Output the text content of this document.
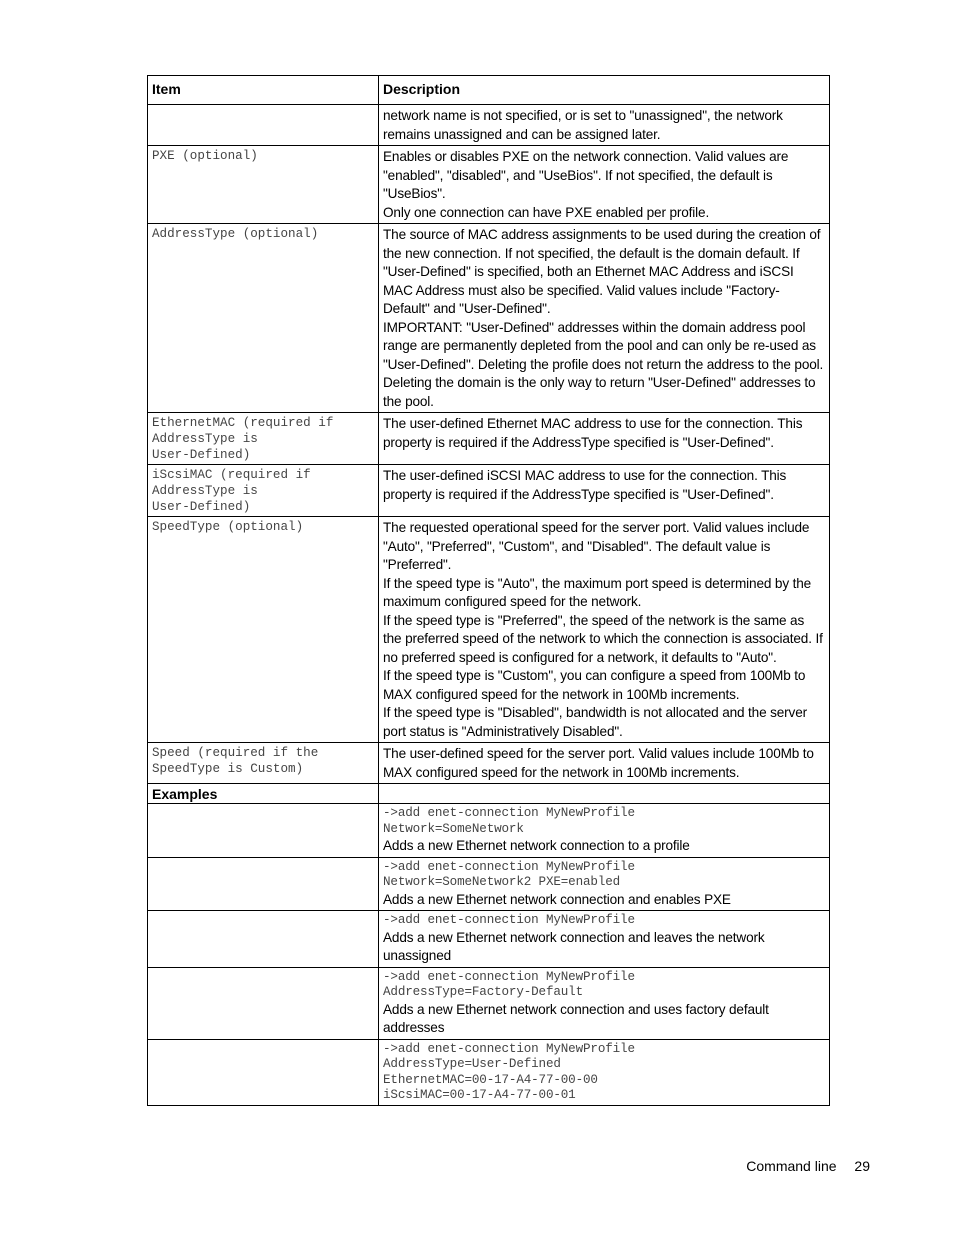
Item	Description

	network name is not specified, or is set to "unassigned", the network remains unassigned and can be assigned later.

PXE (optional)	Enables or disables PXE on the network connection. Valid values are "enabled", "disabled", and "UseBios". If not specified, the default is "UseBios".

Only one connection can have PXE enabled per profile.

AddressType (optional)	The source of MAC address assignments to be used during the creation of the new connection. If not specified, the default is the domain default. If "User-Defined" is specified, both an Ethernet MAC Address and iSCSI MAC Address must also be specified. Valid values include "Factory-Default" and "User-Defined".

IMPORTANT: "User-Defined" addresses within the domain address pool range are permanently depleted from the pool and can only be re-used as "User-Defined". Deleting the profile does not return the address to the pool. Deleting the domain is the only way to return "User-Defined" addresses to the pool.

EthernetMAC (required if
AddressType is
User-Defined)	The user-defined Ethernet MAC address to use for the connection. This property is required if the AddressType specified is "User-Defined".

iScsiMAC (required if
AddressType is
User-Defined)	The user-defined iSCSI MAC address to use for the connection. This property is required if the AddressType specified is "User-Defined".

SpeedType (optional)	The requested operational speed for the server port. Valid values include "Auto", "Preferred", "Custom", and "Disabled". The default value is "Preferred".

If the speed type is "Auto", the maximum port speed is determined by the maximum configured speed for the network.

If the speed type is "Preferred", the speed of the network is the same as the preferred speed of the network to which the connection is associated. If no preferred speed is configured for a network, it defaults to "Auto".

If the speed type is "Custom", you can configure a speed from 100Mb to MAX configured speed for the network in 100Mb increments.

If the speed type is "Disabled", bandwidth is not allocated and the server port status is "Administratively Disabled".

Speed (required if the
SpeedType is Custom)	The user-defined speed for the server port. Valid values include 100Mb to MAX configured speed for the network in 100Mb increments.

Examples	

	->add enet-connection MyNewProfile
Network=SomeNetwork
Adds a new Ethernet network connection to a profile

	->add enet-connection MyNewProfile
Network=SomeNetwork2 PXE=enabled
Adds a new Ethernet network connection and enables PXE

	->add enet-connection MyNewProfile
Adds a new Ethernet network connection and leaves the network unassigned

	->add enet-connection MyNewProfile
AddressType=Factory-Default
Adds a new Ethernet network connection and uses factory default addresses

	->add enet-connection MyNewProfile
AddressType=User-Defined
EthernetMAC=00-17-A4-77-00-00
iScsiMAC=00-17-A4-77-00-01
Command line 29
